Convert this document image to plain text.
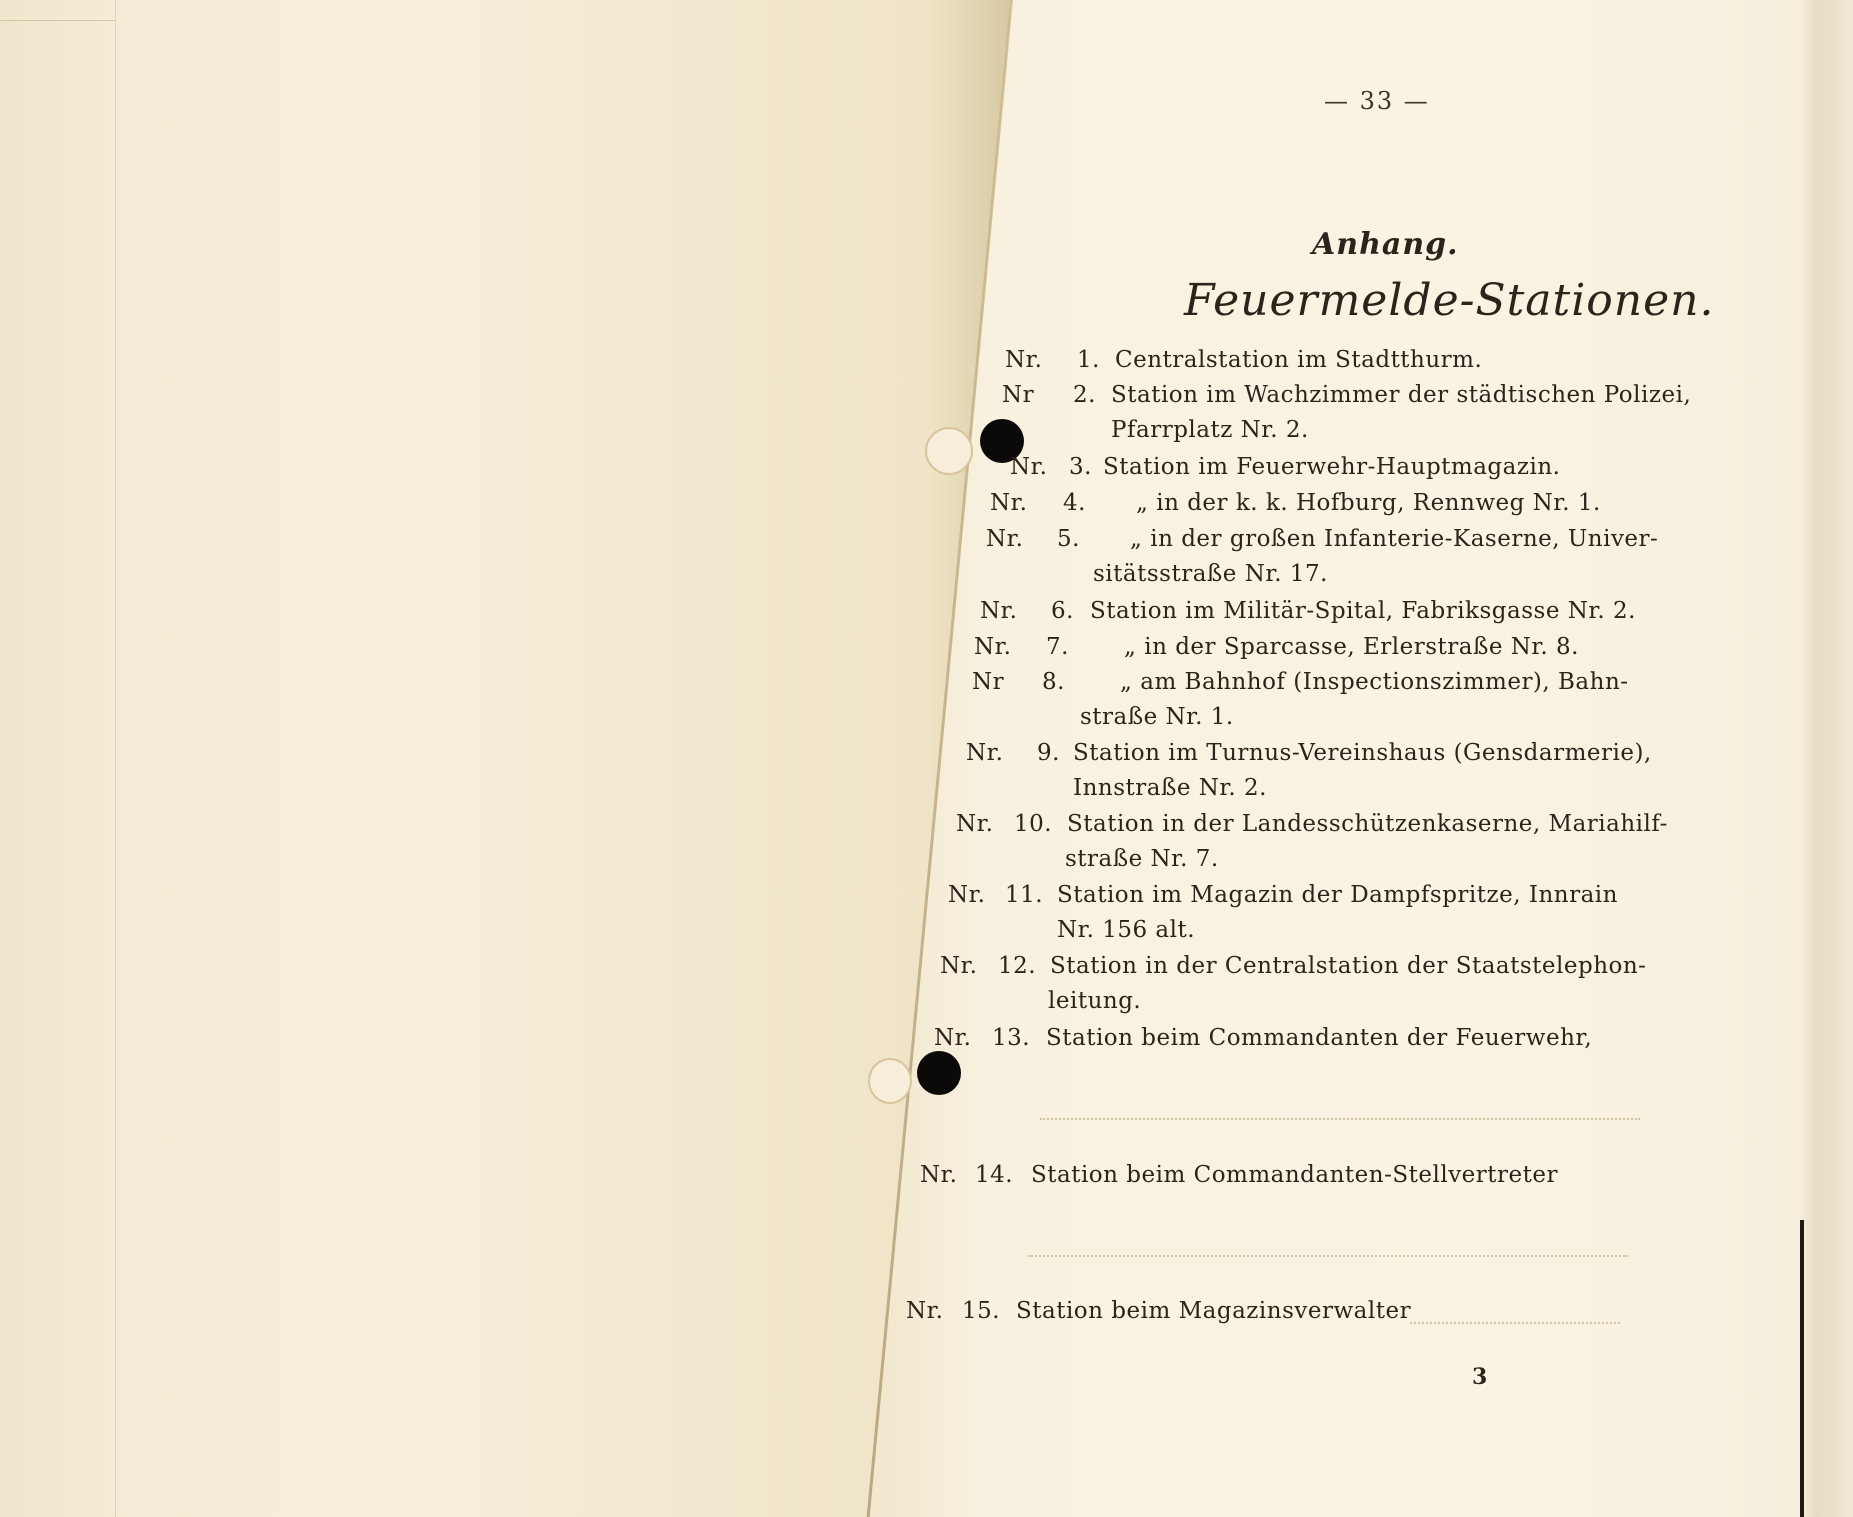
— 33 —
Anhang.
Feuermelde-Stationen.
Nr. 1. Centralstation im Stadtthurm.
Nr 2. Station im Wachzimmer der städtischen Polizei,
Pfarrplatz Nr. 2.
Nr. 3. Station im Feuerwehr-Hauptmagazin.
Nr. 4. „ in der k. k. Hofburg, Rennweg Nr. 1.
Nr. 5. „ in der großen Infanterie-Kaserne, Univer-
sitätsstraße Nr. 17.
Nr. 6. Station im Militär-Spital, Fabriksgasse Nr. 2.
Nr. 7. „ in der Sparcasse, Erlerstraße Nr. 8.
Nr 8. „ am Bahnhof (Inspectionszimmer), Bahn-
straße Nr. 1.
Nr. 9. Station im Turnus-Vereinshaus (Gensdarmerie),
Innstraße Nr. 2.
Nr. 10. Station in der Landesschützenkaserne, Mariahilf-
straße Nr. 7.
Nr. 11. Station im Magazin der Dampfspritze, Innrain
Nr. 156 alt.
Nr. 12. Station in der Centralstation der Staatstelephon-
leitung.
Nr. 13. Station beim Commandanten der Feuerwehr,
Nr. 14. Station beim Commandanten-Stellvertreter
Nr. 15. Station beim Magazinsverwalter
3
